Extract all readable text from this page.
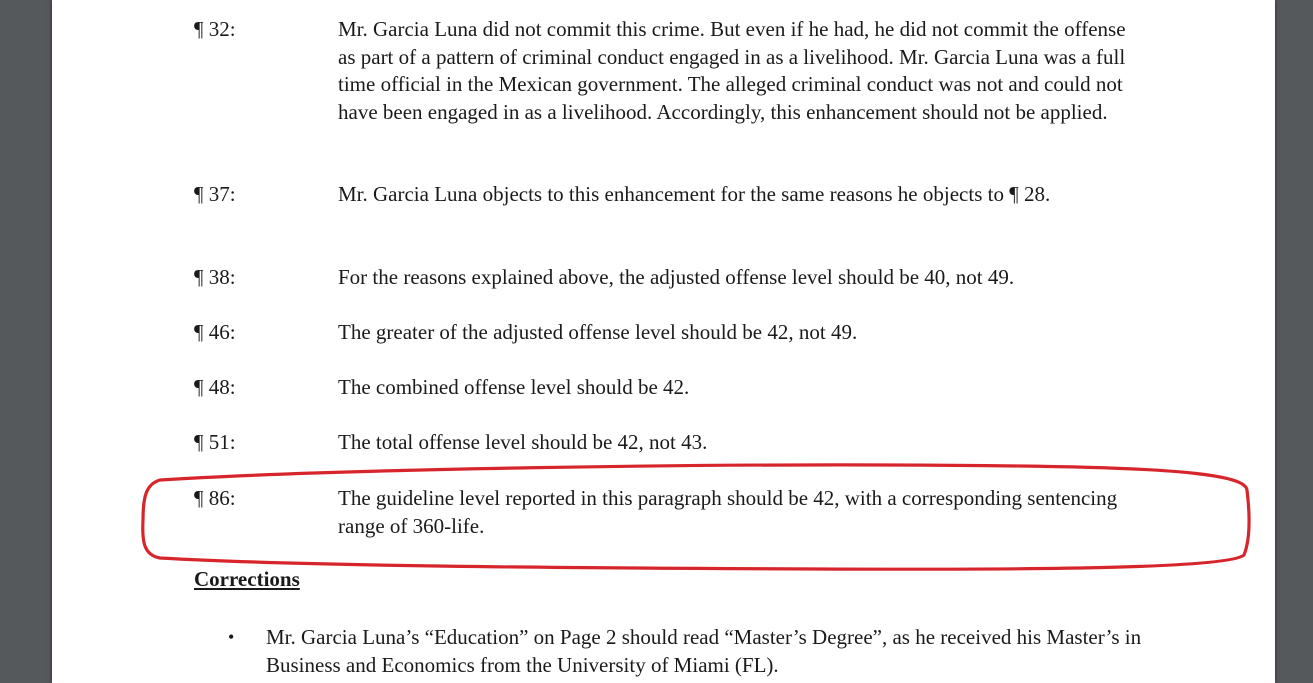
¶ 32:	Mr. Garcia Luna did not commit this crime. But even if he had, he did not commit the offense as part of a pattern of criminal conduct engaged in as a livelihood. Mr. Garcia Luna was a full time official in the Mexican government. The alleged criminal conduct was not and could not have been engaged in as a livelihood. Accordingly, this enhancement should not be applied.
¶ 37:	Mr. Garcia Luna objects to this enhancement for the same reasons he objects to ¶ 28.
¶ 38:	For the reasons explained above, the adjusted offense level should be 40, not 49.
¶ 46:	The greater of the adjusted offense level should be 42, not 49.
¶ 48:	The combined offense level should be 42.
¶ 51:	The total offense level should be 42, not 43.
¶ 86:	The guideline level reported in this paragraph should be 42, with a corresponding sentencing range of 360-life.
Corrections
• Mr. Garcia Luna’s “Education” on Page 2 should read “Master’s Degree”, as he received his Master’s in Business and Economics from the University of Miami (FL).
